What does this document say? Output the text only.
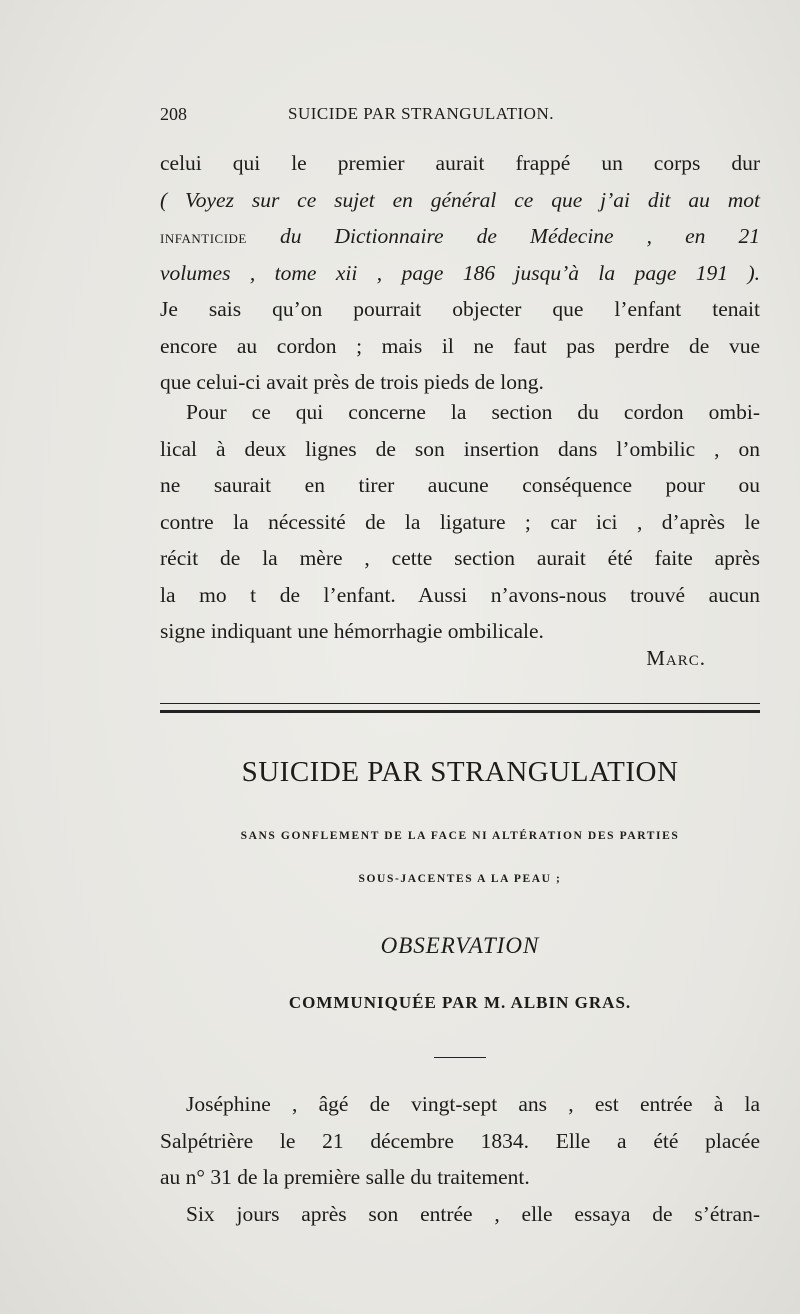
208	SUICIDE PAR STRANGULATION.
celui qui le premier aurait frappé un corps dur
( Voyez sur ce sujet en général ce que j’ai dit au mot
infanticide du Dictionnaire de Médecine , en 21
volumes , tome xii , page 186 jusqu’à la page 191 ).
Je sais qu’on pourrait objecter que l’enfant tenait
encore au cordon ; mais il ne faut pas perdre de vue
que celui-ci avait près de trois pieds de long.
Pour ce qui concerne la section du cordon ombi-
lical à deux lignes de son insertion dans l’ombilic , on
ne saurait en tirer aucune conséquence pour ou
contre la nécessité de la ligature ; car ici , d’après le
récit de la mère , cette section aurait été faite après
la mo t de l’enfant. Aussi n’avons-nous trouvé aucun
signe indiquant une hémorrhagie ombilicale.
Marc.
SUICIDE PAR STRANGULATION
SANS GONFLEMENT DE LA FACE NI ALTÉRATION DES PARTIES
SOUS-JACENTES A LA PEAU ;
OBSERVATION
COMMUNIQUÉE PAR M. ALBIN GRAS.
Joséphine , âgé de vingt-sept ans , est entrée à la
Salpétrière le 21 décembre 1834. Elle a été placée
au n° 31 de la première salle du traitement.
Six jours après son entrée , elle essaya de s’étran-
